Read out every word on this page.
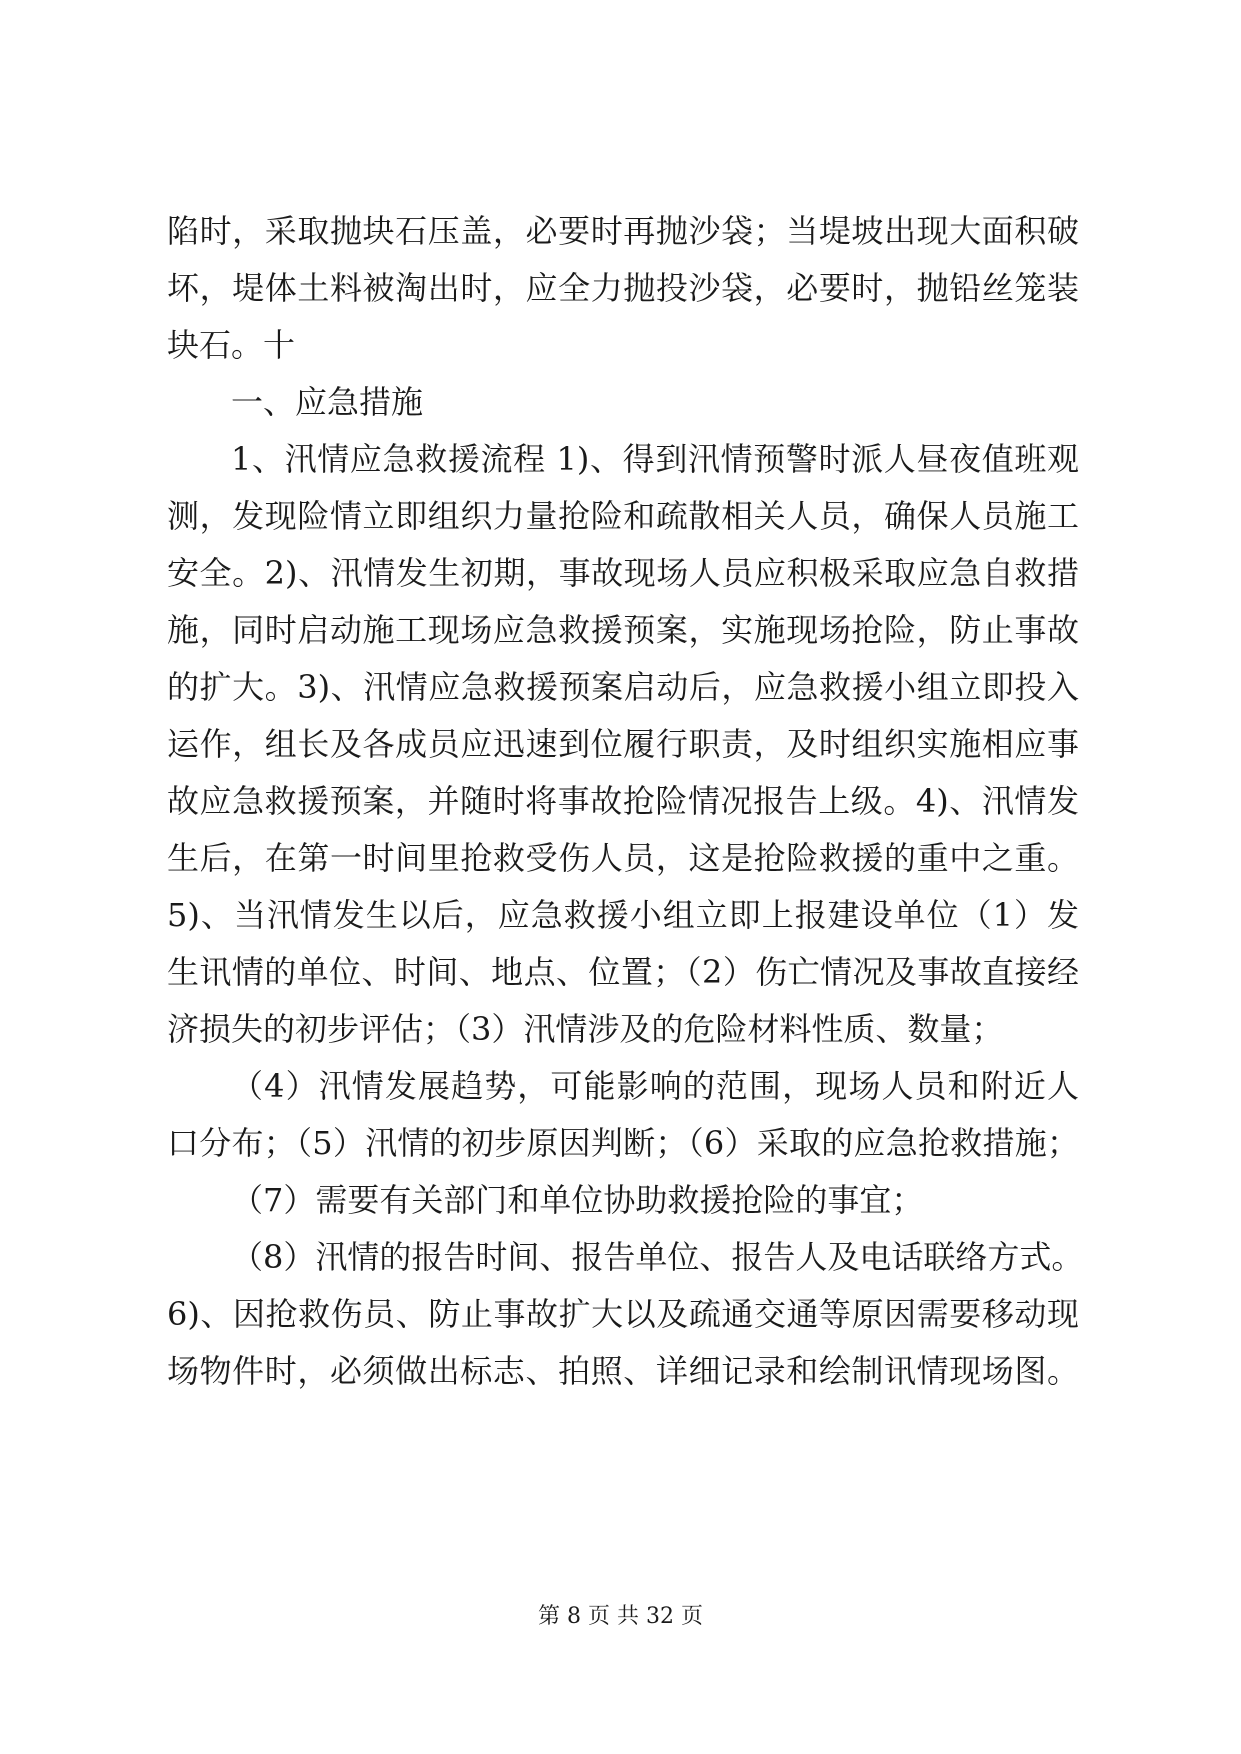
陷时，采取抛块石压盖，必要时再抛沙袋；当堤坡出现大面积破
坏，堤体土料被淘出时，应全力抛投沙袋，必要时，抛铅丝笼装
块石。十
一、应急措施
1、汛情应急救援流程 1)、得到汛情预警时派人昼夜值班观
测，发现险情立即组织力量抢险和疏散相关人员，确保人员施工
安全。2)、汛情发生初期，事故现场人员应积极采取应急自救措
施，同时启动施工现场应急救援预案，实施现场抢险，防止事故
的扩大。3)、汛情应急救援预案启动后，应急救援小组立即投入
运作，组长及各成员应迅速到位履行职责，及时组织实施相应事
故应急救援预案，并随时将事故抢险情况报告上级。4)、汛情发
生后，在第一时间里抢救受伤人员，这是抢险救援的重中之重。
5)、当汛情发生以后，应急救援小组立即上报建设单位（1）发
生讯情的单位、时间、地点、位置；（2）伤亡情况及事故直接经
济损失的初步评估；（3）汛情涉及的危险材料性质、数量；
（4）汛情发展趋势，可能影响的范围，现场人员和附近人
口分布；（5）汛情的初步原因判断；（6）采取的应急抢救措施；
（7）需要有关部门和单位协助救援抢险的事宜；
（8）汛情的报告时间、报告单位、报告人及电话联络方式。
6)、因抢救伤员、防止事故扩大以及疏通交通等原因需要移动现
场物件时，必须做出标志、拍照、详细记录和绘制讯情现场图。
第 8 页 共 32 页
